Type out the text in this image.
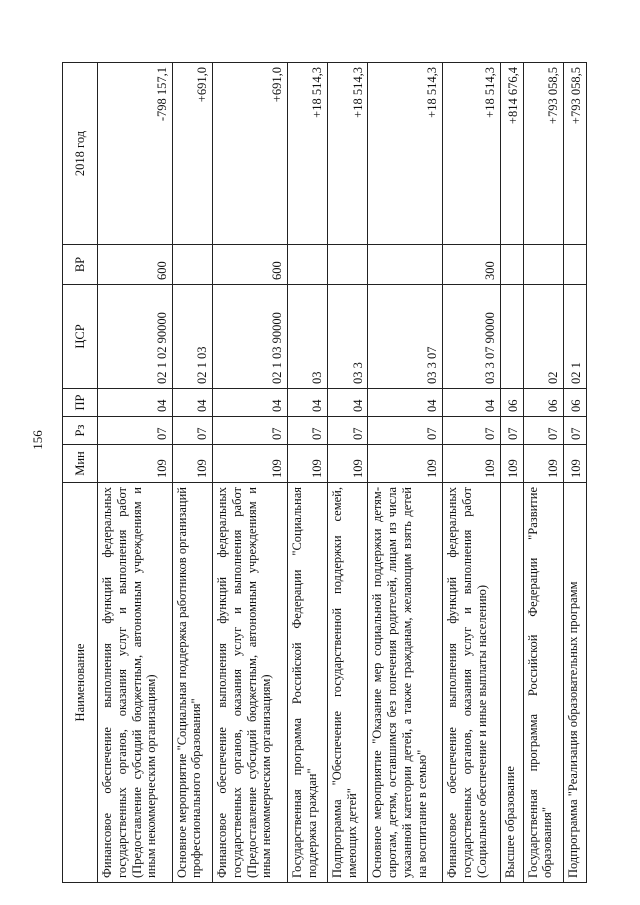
156
Наименование	Мин	Рз	ПР	ЦСР	ВР	2018 год
Финансовое обеспечение выполнения функций федеральных государственных органов, оказания услуг и выполнения работ (Предоставление субсидий бюджетным, автономным учреждениям и иным некоммерческим организациям)	109	07	04	02 1 02 90000	600	-798 157,1
Основное мероприятие "Социальная поддержка работников организаций профессионального образования"	109	07	04	02 1 03		+691,0
Финансовое обеспечение выполнения функций федеральных государственных органов, оказания услуг и выполнения работ (Предоставление субсидий бюджетным, автономным учреждениям и иным некоммерческим организациям)	109	07	04	02 1 03 90000	600	+691,0
Государственная программа Российской Федерации "Социальная поддержка граждан"	109	07	04	03		+18 514,3
Подпрограмма "Обеспечение государственной поддержки семей, имеющих детей"	109	07	04	03 3		+18 514,3
Основное мероприятие "Оказание мер социальной поддержки детям-сиротам, детям, оставшимся без попечения родителей, лицам из числа указанной категории детей, а также гражданам, желающим взять детей на воспитание в семью"	109	07	04	03 3 07		+18 514,3
Финансовое обеспечение выполнения функций федеральных государственных органов, оказания услуг и выполнения работ (Социальное обеспечение и иные выплаты населению)	109	07	04	03 3 07 90000	300	+18 514,3
Высшее образование	109	07	06			+814 676,4
Государственная программа Российской Федерации "Развитие образования"	109	07	06	02		+793 058,5
Подпрограмма "Реализация образовательных программ	109	07	06	02 1		+793 058,5
